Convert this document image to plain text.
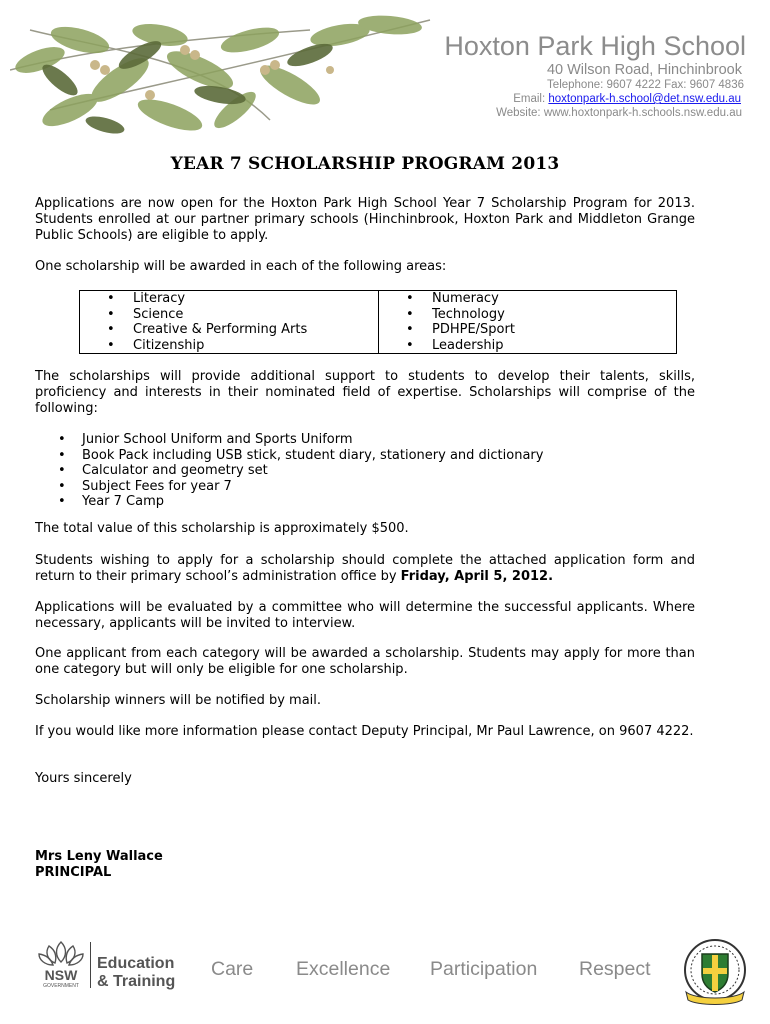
Hoxton Park High School
40 Wilson Road, Hinchinbrook
Telephone: 9607 4222 Fax: 9607 4836
Email: hoxtonpark-h.school@det.nsw.edu.au
Website: www.hoxtonpark-h.schools.nsw.edu.au
YEAR 7 SCHOLARSHIP PROGRAM 2013
Applications are now open for the Hoxton Park High School Year 7 Scholarship Program for 2013. Students enrolled at our partner primary schools (Hinchinbrook, Hoxton Park and Middleton Grange Public Schools) are eligible to apply.
One scholarship will be awarded in each of the following areas:
• Literacy
• Science
• Creative & Performing Arts
• Citizenship
• Numeracy
• Technology
• PDHPE/Sport
• Leadership
The scholarships will provide additional support to students to develop their talents, skills, proficiency and interests in their nominated field of expertise. Scholarships will comprise of the following:
• Junior School Uniform and Sports Uniform
• Book Pack including USB stick, student diary, stationery and dictionary
• Calculator and geometry set
• Subject Fees for year 7
• Year 7 Camp
The total value of this scholarship is approximately $500.
Students wishing to apply for a scholarship should complete the attached application form and return to their primary school’s administration office by Friday, April 5, 2012.
Applications will be evaluated by a committee who will determine the successful applicants. Where necessary, applicants will be invited to interview.
One applicant from each category will be awarded a scholarship. Students may apply for more than one category but will only be eligible for one scholarship.
Scholarship winners will be notified by mail.
If you would like more information please contact Deputy Principal, Mr Paul Lawrence, on 9607 4222.
Yours sincerely
Mrs Leny Wallace
PRINCIPAL
NSW
GOVERNMENT
Education
& Training
Care Excellence Participation Respect
